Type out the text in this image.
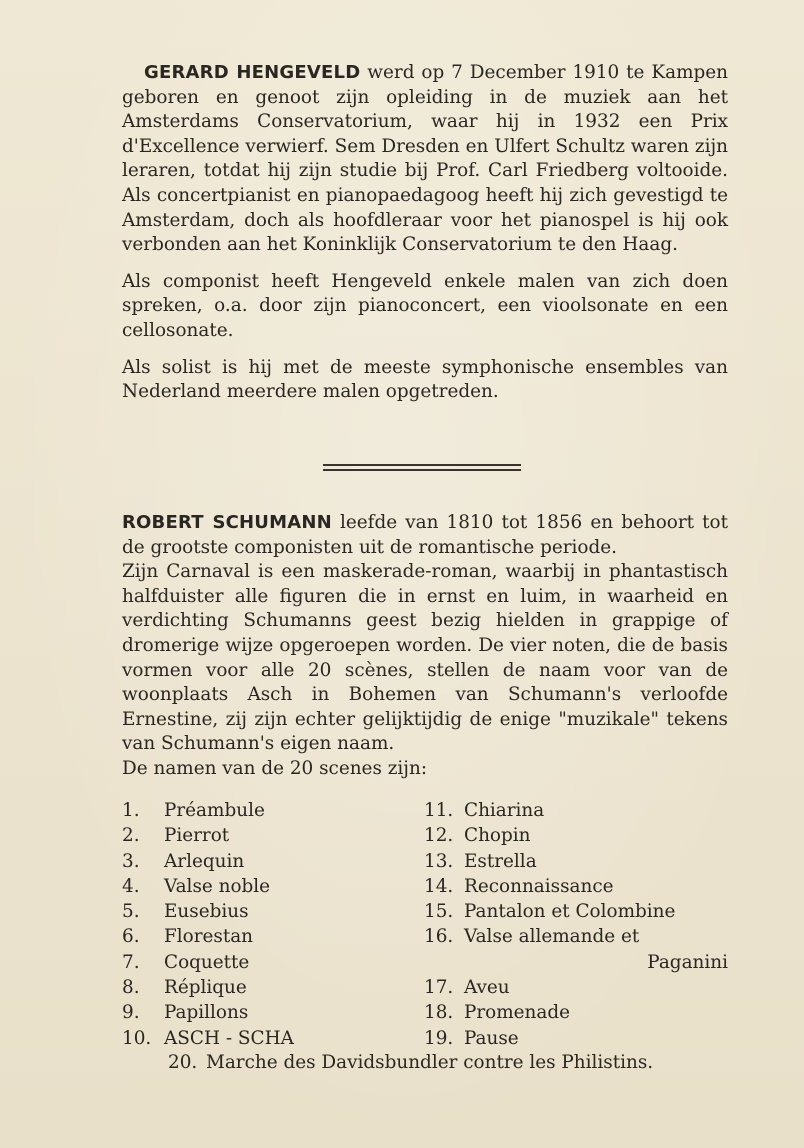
GERARD HENGEVELD werd op 7 December 1910 te Kampen geboren en genoot zijn opleiding in de muziek aan het Amsterdams Conservatorium, waar hij in 1932 een Prix d'Excellence verwierf. Sem Dresden en Ulfert Schultz waren zijn leraren, totdat hij zijn studie bij Prof. Carl Friedberg voltooide. Als concertpianist en pianopaedagoog heeft hij zich gevestigd te Amsterdam, doch als hoofdleraar voor het pianospel is hij ook verbonden aan het Koninklijk Conservatorium te den Haag.

Als componist heeft Hengeveld enkele malen van zich doen spreken, o.a. door zijn pianoconcert, een vioolsonate en een cellosonate.

Als solist is hij met de meeste symphonische ensembles van Nederland meerdere malen opgetreden.

ROBERT SCHUMANN leefde van 1810 tot 1856 en behoort tot de grootste componisten uit de romantische periode.

Zijn Carnaval is een maskerade-roman, waarbij in phantastisch halfduister alle figuren die in ernst en luim, in waarheid en verdichting Schumanns geest bezig hielden in grappige of dromerige wijze opgeroepen worden. De vier noten, die de basis vormen voor alle 20 scènes, stellen de naam voor van de woonplaats Asch in Bohemen van Schumann's verloofde Ernestine, zij zijn echter gelijktijdig de enige "muzikale" tekens van Schumann's eigen naam.

De namen van de 20 scenes zijn:

1. Préambule
2. Pierrot
3. Arlequin
4. Valse noble
5. Eusebius
6. Florestan
7. Coquette
8. Réplique
9. Papillons
10. ASCH - SCHA
11. Chiarina
12. Chopin
13. Estrella
14. Reconnaissance
15. Pantalon et Colombine
16. Valse allemande et
Paganini
17. Aveu
18. Promenade
19. Pause
20. Marche des Davidsbundler contre les Philistins.
